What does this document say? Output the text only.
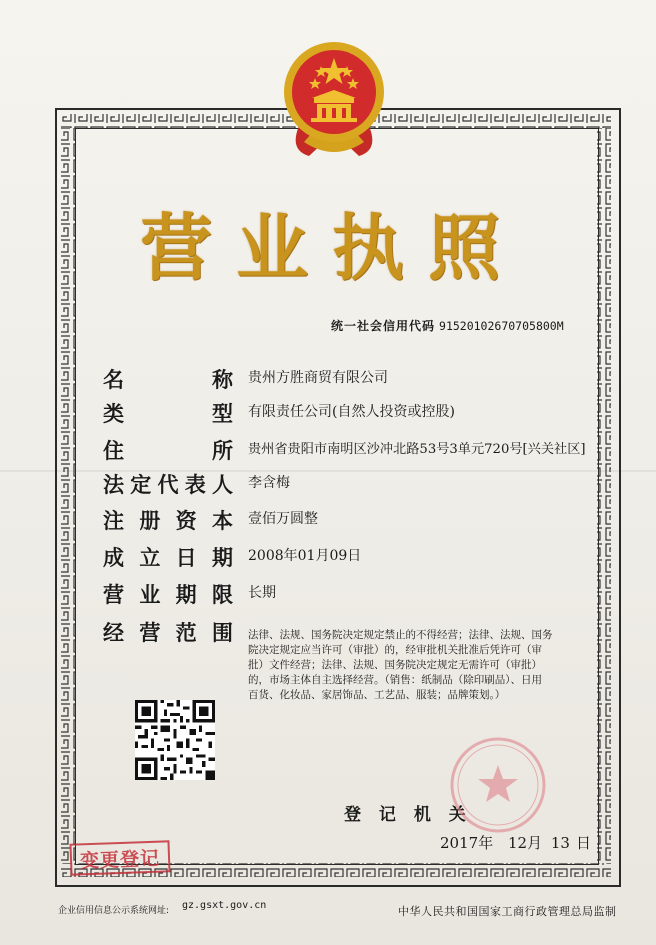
营 业 执 照
统一社会信用代码 91520102670705800M
名	称 贵州方胜商贸有限公司
类	型 有限责任公司(自然人投资或控股)
住	所 贵州省贵阳市南明区沙冲北路53号3单元720号[兴关社区]
法 定 代 表 人 李含梅
注 册 资 本 壹佰万圆整
成 立 日 期 2008年01月09日
营 业 期 限 长期
经 营 范 围 法律、法规、国务院决定规定禁止的不得经营；法律、法规、国务
院决定规定应当许可（审批）的，经审批机关批准后凭许可（审
批）文件经营；法律、法规、国务院决定规定无需许可（审批）
的，市场主体自主选择经营。（销售：纸制品（除印刷品）、日用
百货、化妆品、家居饰品、工艺品、服装；品牌策划。）
登 记 机 关
2017年 12月 13 日
变更登记
企业信用信息公示系统网址: gz.gsxt.gov.cn	中华人民共和国国家工商行政管理总局监制
